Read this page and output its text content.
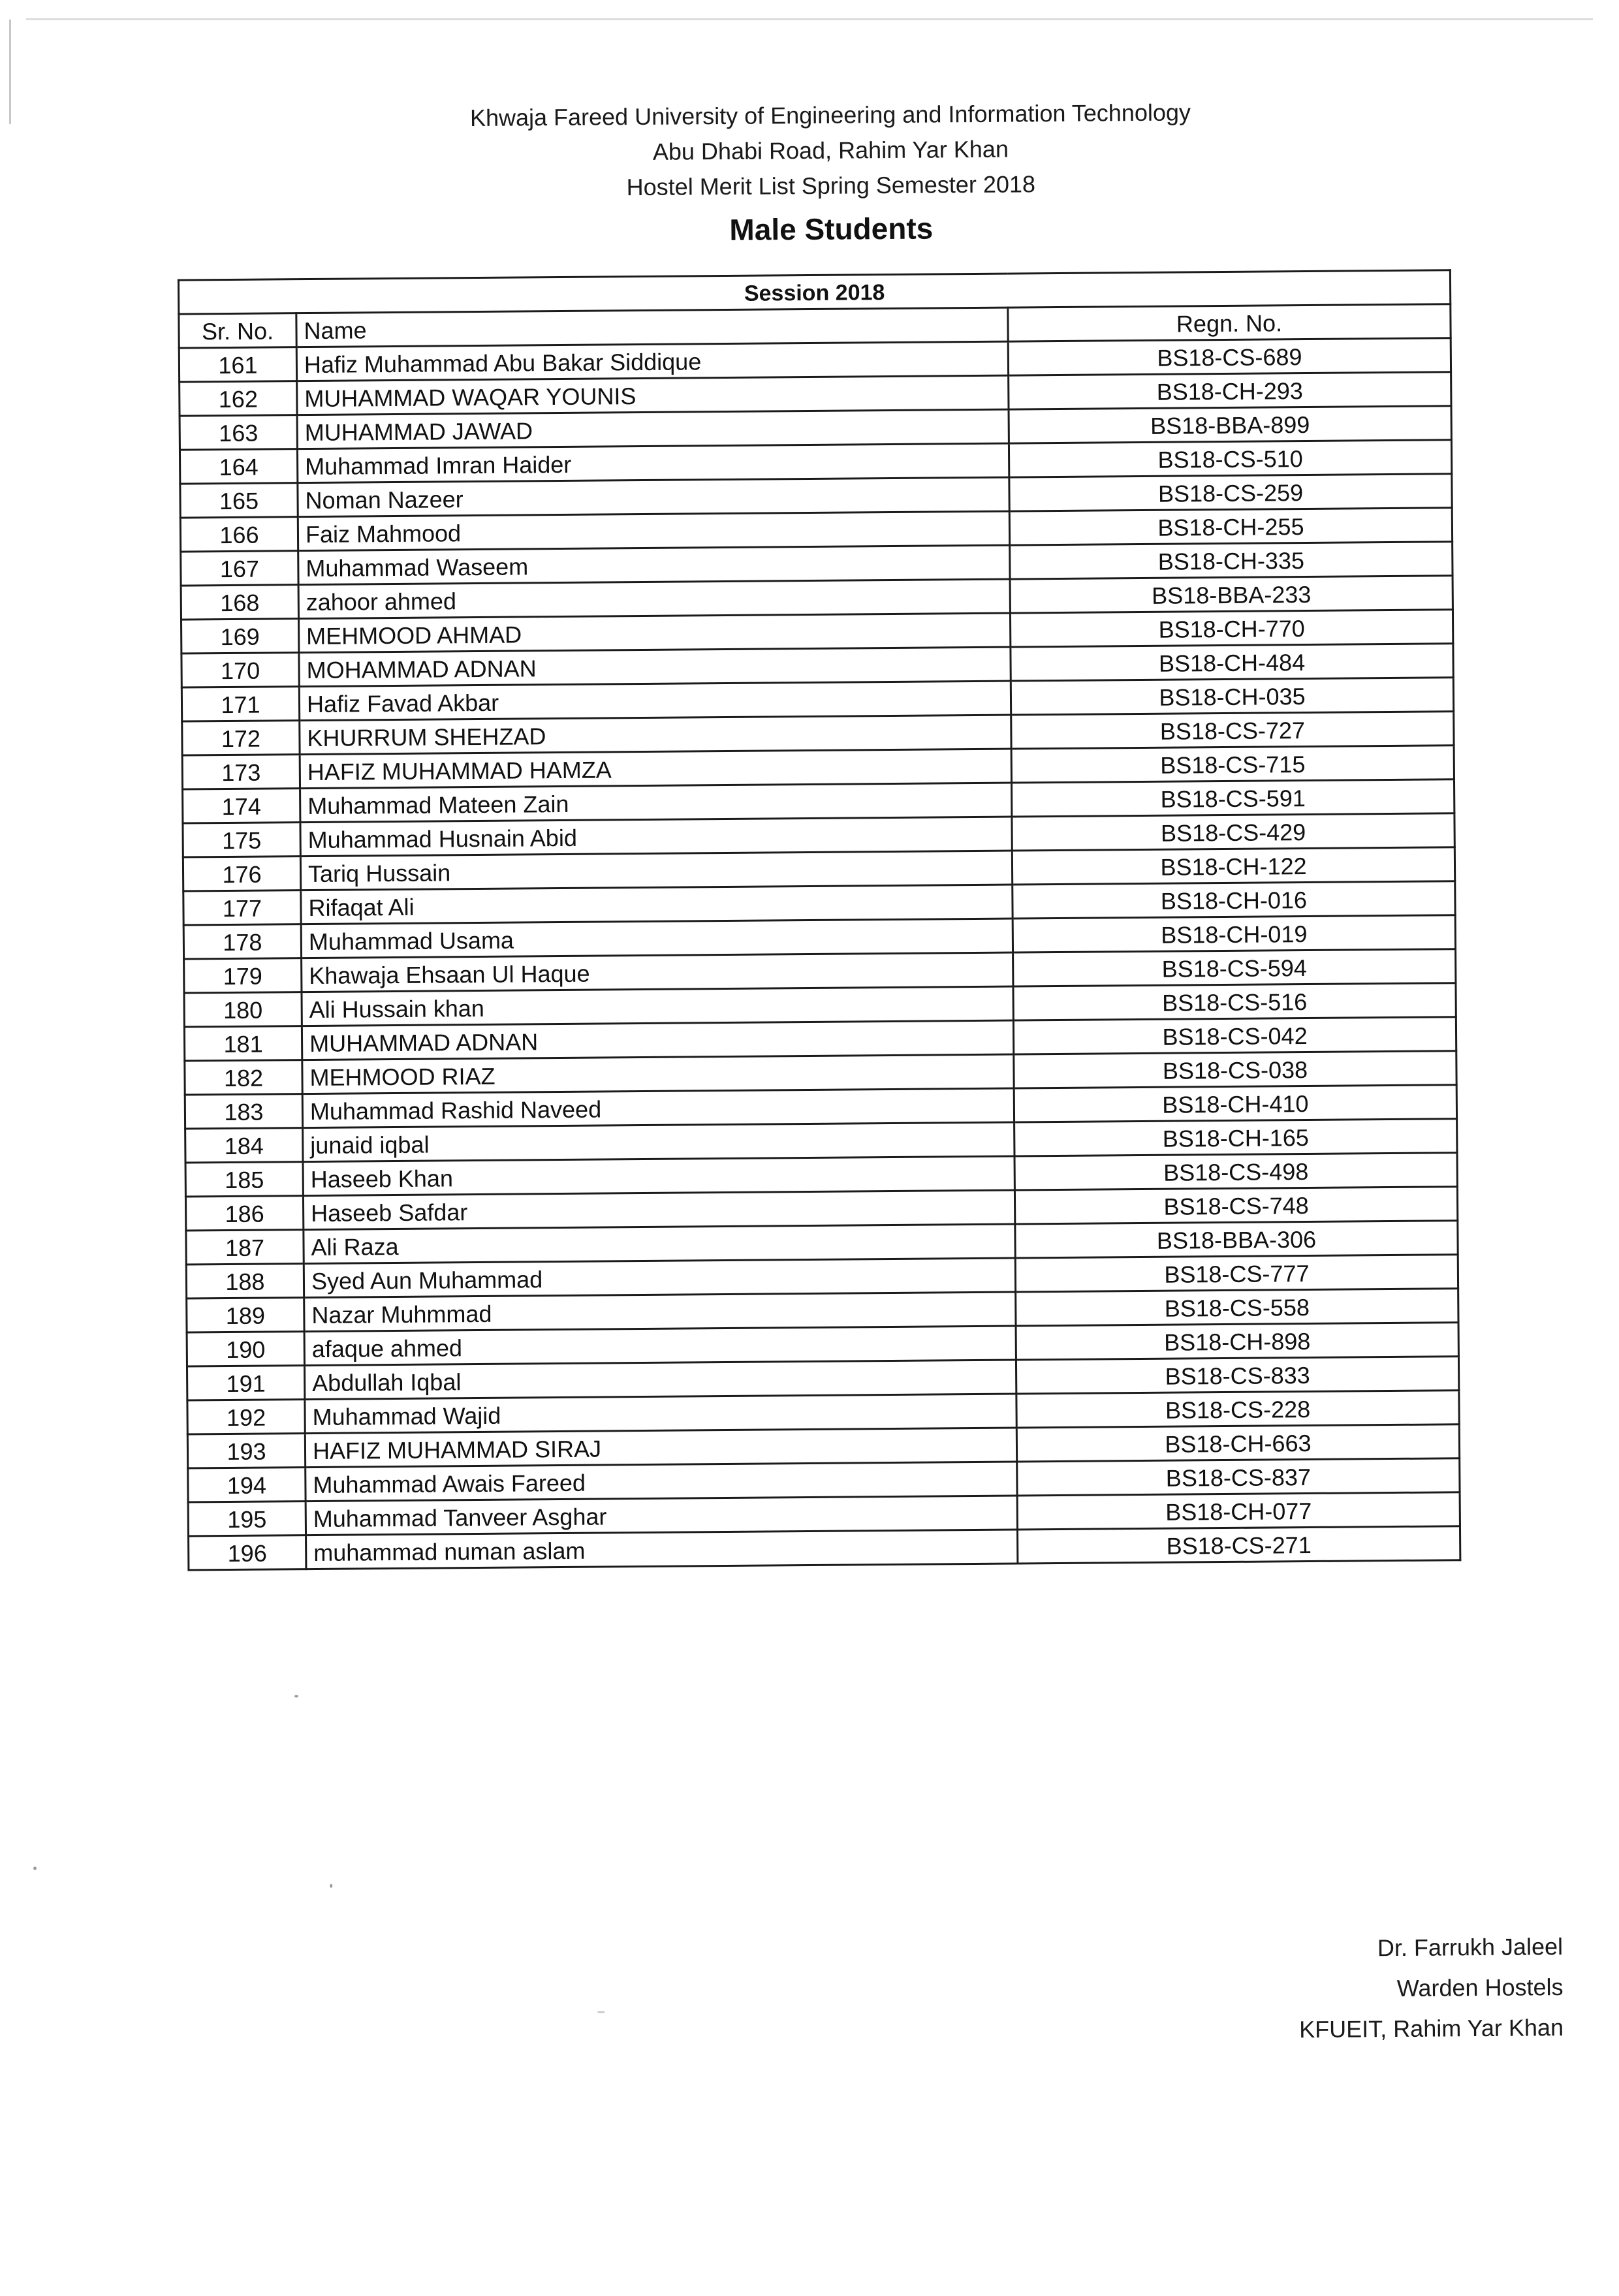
Khwaja Fareed University of Engineering and Information Technology
Abu Dhabi Road, Rahim Yar Khan
Hostel Merit List Spring Semester 2018
Male Students
Session 2018		
Sr. No.	Name	Regn. No.
161	Hafiz Muhammad Abu Bakar Siddique	BS18-CS-689
162	MUHAMMAD WAQAR YOUNIS	BS18-CH-293
163	MUHAMMAD JAWAD	BS18-BBA-899
164	Muhammad Imran Haider	BS18-CS-510
165	Noman Nazeer	BS18-CS-259
166	Faiz Mahmood	BS18-CH-255
167	Muhammad Waseem	BS18-CH-335
168	zahoor ahmed	BS18-BBA-233
169	MEHMOOD AHMAD	BS18-CH-770
170	MOHAMMAD ADNAN	BS18-CH-484
171	Hafiz Favad Akbar	BS18-CH-035
172	KHURRUM SHEHZAD	BS18-CS-727
173	HAFIZ MUHAMMAD HAMZA	BS18-CS-715
174	Muhammad Mateen Zain	BS18-CS-591
175	Muhammad Husnain Abid	BS18-CS-429
176	Tariq Hussain	BS18-CH-122
177	Rifaqat Ali	BS18-CH-016
178	Muhammad Usama	BS18-CH-019
179	Khawaja Ehsaan Ul Haque	BS18-CS-594
180	Ali Hussain khan	BS18-CS-516
181	MUHAMMAD ADNAN	BS18-CS-042
182	MEHMOOD RIAZ	BS18-CS-038
183	Muhammad Rashid Naveed	BS18-CH-410
184	junaid iqbal	BS18-CH-165
185	Haseeb Khan	BS18-CS-498
186	Haseeb Safdar	BS18-CS-748
187	Ali Raza	BS18-BBA-306
188	Syed Aun Muhammad	BS18-CS-777
189	Nazar Muhmmad	BS18-CS-558
190	afaque ahmed	BS18-CH-898
191	Abdullah Iqbal	BS18-CS-833
192	Muhammad Wajid	BS18-CS-228
193	HAFIZ MUHAMMAD SIRAJ	BS18-CH-663
194	Muhammad Awais Fareed	BS18-CS-837
195	Muhammad Tanveer Asghar	BS18-CH-077
196	muhammad numan aslam	BS18-CS-271
Dr. Farrukh Jaleel
Warden Hostels
KFUEIT, Rahim Yar Khan
